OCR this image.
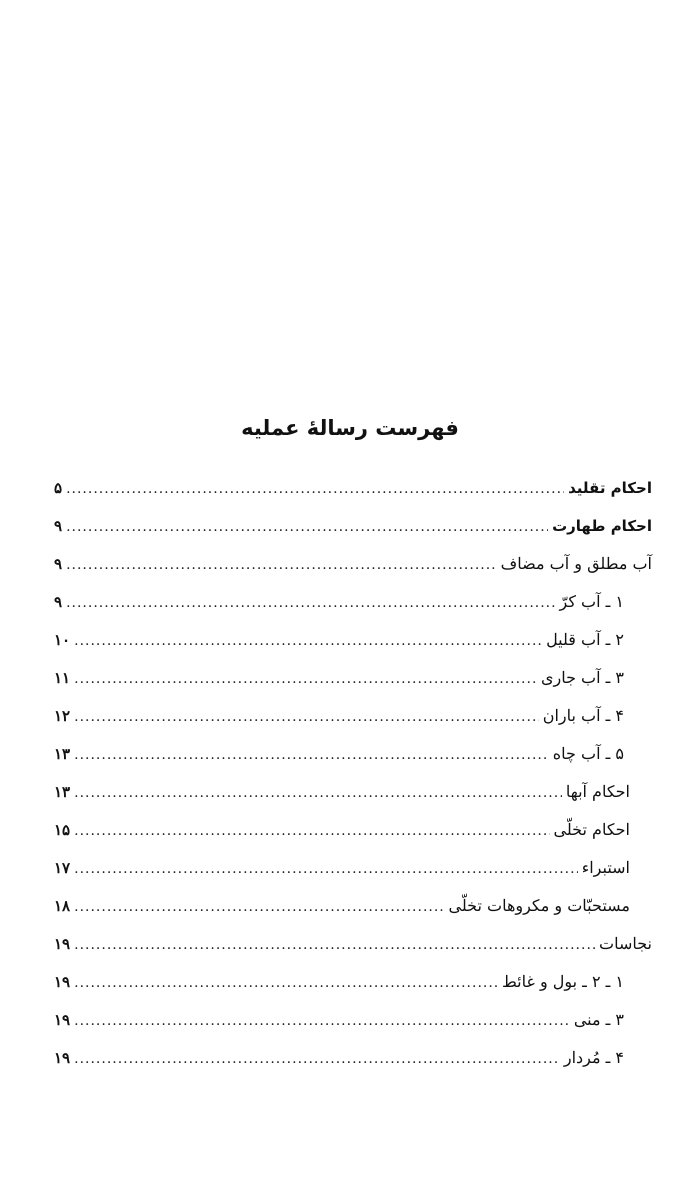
فهرست رسالۀ عملیه
۵ .....	احکام تقلید
۹ .....	احکام طهارت
۹ .....	آب مطلق و آب مضاف
۹ .....	۱ ـ آب کرّ
۱۰ .....	۲ ـ آب قلیل
۱۱ .....	۳ ـ آب جاری
۱۲ .....	۴ ـ آب باران
۱۳ .....	۵ ـ آب چاه
۱۳ .....	احکام آبها
۱۵ .....	احکام تخلّی
۱۷ .....	استبراء
۱۸ .....	مستحبّات و مکروهات تخلّی
۱۹ .....	نجاسات
۱۹ .....	۱ ـ ۲ ـ بول و غائط
۱۹ .....	۳ ـ منی
۱۹ .....	۴ ـ مُردار
